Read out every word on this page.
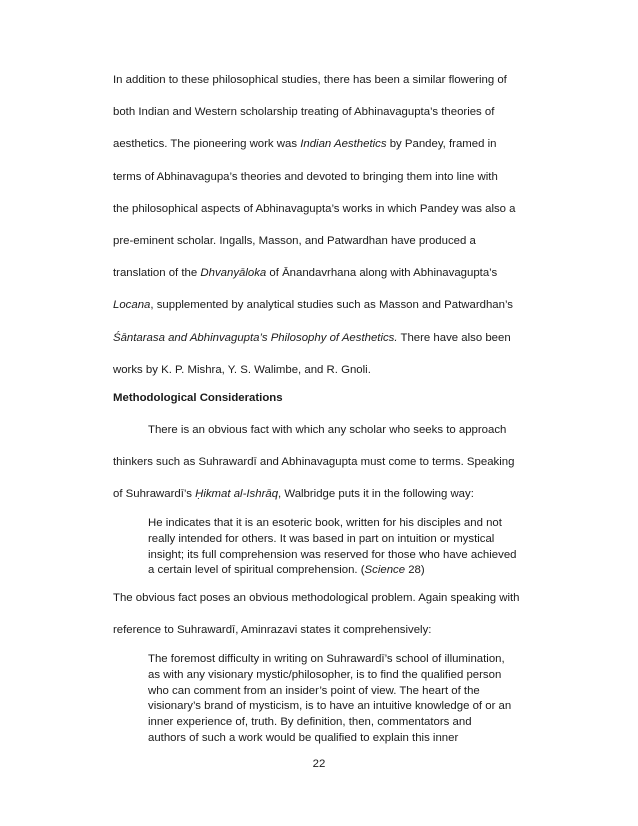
In addition to these philosophical studies, there has been a similar flowering of
both Indian and Western scholarship treating of Abhinavagupta’s theories of
aesthetics. The pioneering work was Indian Aesthetics by Pandey, framed in
terms of Abhinavagupa’s theories and devoted to bringing them into line with
the philosophical aspects of Abhinavagupta’s works in which Pandey was also a
pre-eminent scholar. Ingalls, Masson, and Patwardhan have produced a
translation of the Dhvanyāloka of Ānandavrhana along with Abhinavagupta’s
Locana, supplemented by analytical studies such as Masson and Patwardhan’s
Śāntarasa and Abhinvagupta’s Philosophy of Aesthetics. There have also been
works by K. P. Mishra, Y. S. Walimbe, and R. Gnoli.
Methodological Considerations
There is an obvious fact with which any scholar who seeks to approach
thinkers such as Suhrawardī and Abhinavagupta must come to terms. Speaking
of Suhrawardī’s Ḥikmat al-Ishrāq, Walbridge puts it in the following way:
He indicates that it is an esoteric book, written for his disciples and not
really intended for others. It was based in part on intuition or mystical
insight; its full comprehension was reserved for those who have achieved
a certain level of spiritual comprehension. (Science 28)
The obvious fact poses an obvious methodological problem. Again speaking with
reference to Suhrawardī, Aminrazavi states it comprehensively:
The foremost difficulty in writing on Suhrawardī’s school of illumination,
as with any visionary mystic/philosopher, is to find the qualified person
who can comment from an insider’s point of view. The heart of the
visionary’s brand of mysticism, is to have an intuitive knowledge of or an
inner experience of, truth. By definition, then, commentators and
authors of such a work would be qualified to explain this inner
22
